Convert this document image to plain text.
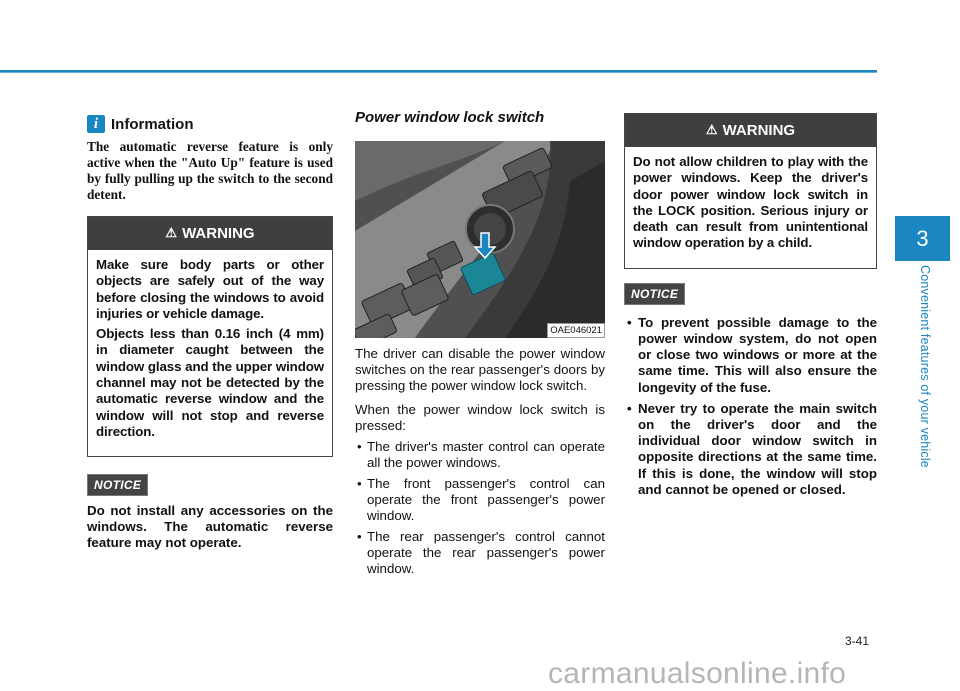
i Information

The automatic reverse feature is only active when the "Auto Up" feature is used by fully pulling up the switch to the second detent.

⚠ WARNING

Make sure body parts or other objects are safely out of the way before closing the windows to avoid injuries or vehicle damage.

Objects less than 0.16 inch (4 mm) in diameter caught between the window glass and the upper window channel may not be detected by the automatic reverse window and the window will not stop and reverse direction.

NOTICE

Do not install any accessories on the windows. The automatic reverse feature may not operate.

Power window lock switch
OAE046021

The driver can disable the power window switches on the rear passenger's doors by pressing the power window lock switch.

When the power window lock switch is pressed:

• The driver's master control can operate all the power windows.
• The front passenger's control can operate the front passenger's power window.
• The rear passenger's control cannot operate the rear passenger's power window.
⚠ WARNING

Do not allow children to play with the power windows. Keep the driver's door power window lock switch in the LOCK position. Serious injury or death can result from unintentional window operation by a child.

NOTICE
• To prevent possible damage to the power window system, do not open or close two windows or more at the same time. This will also ensure the longevity of the fuse.
• Never try to operate the main switch on the driver's door and the individual door window switch in opposite directions at the same time. If this is done, the window will stop and cannot be opened or closed.
3
Convenient features of your vehicle
3-41
carmanualsonline.info
